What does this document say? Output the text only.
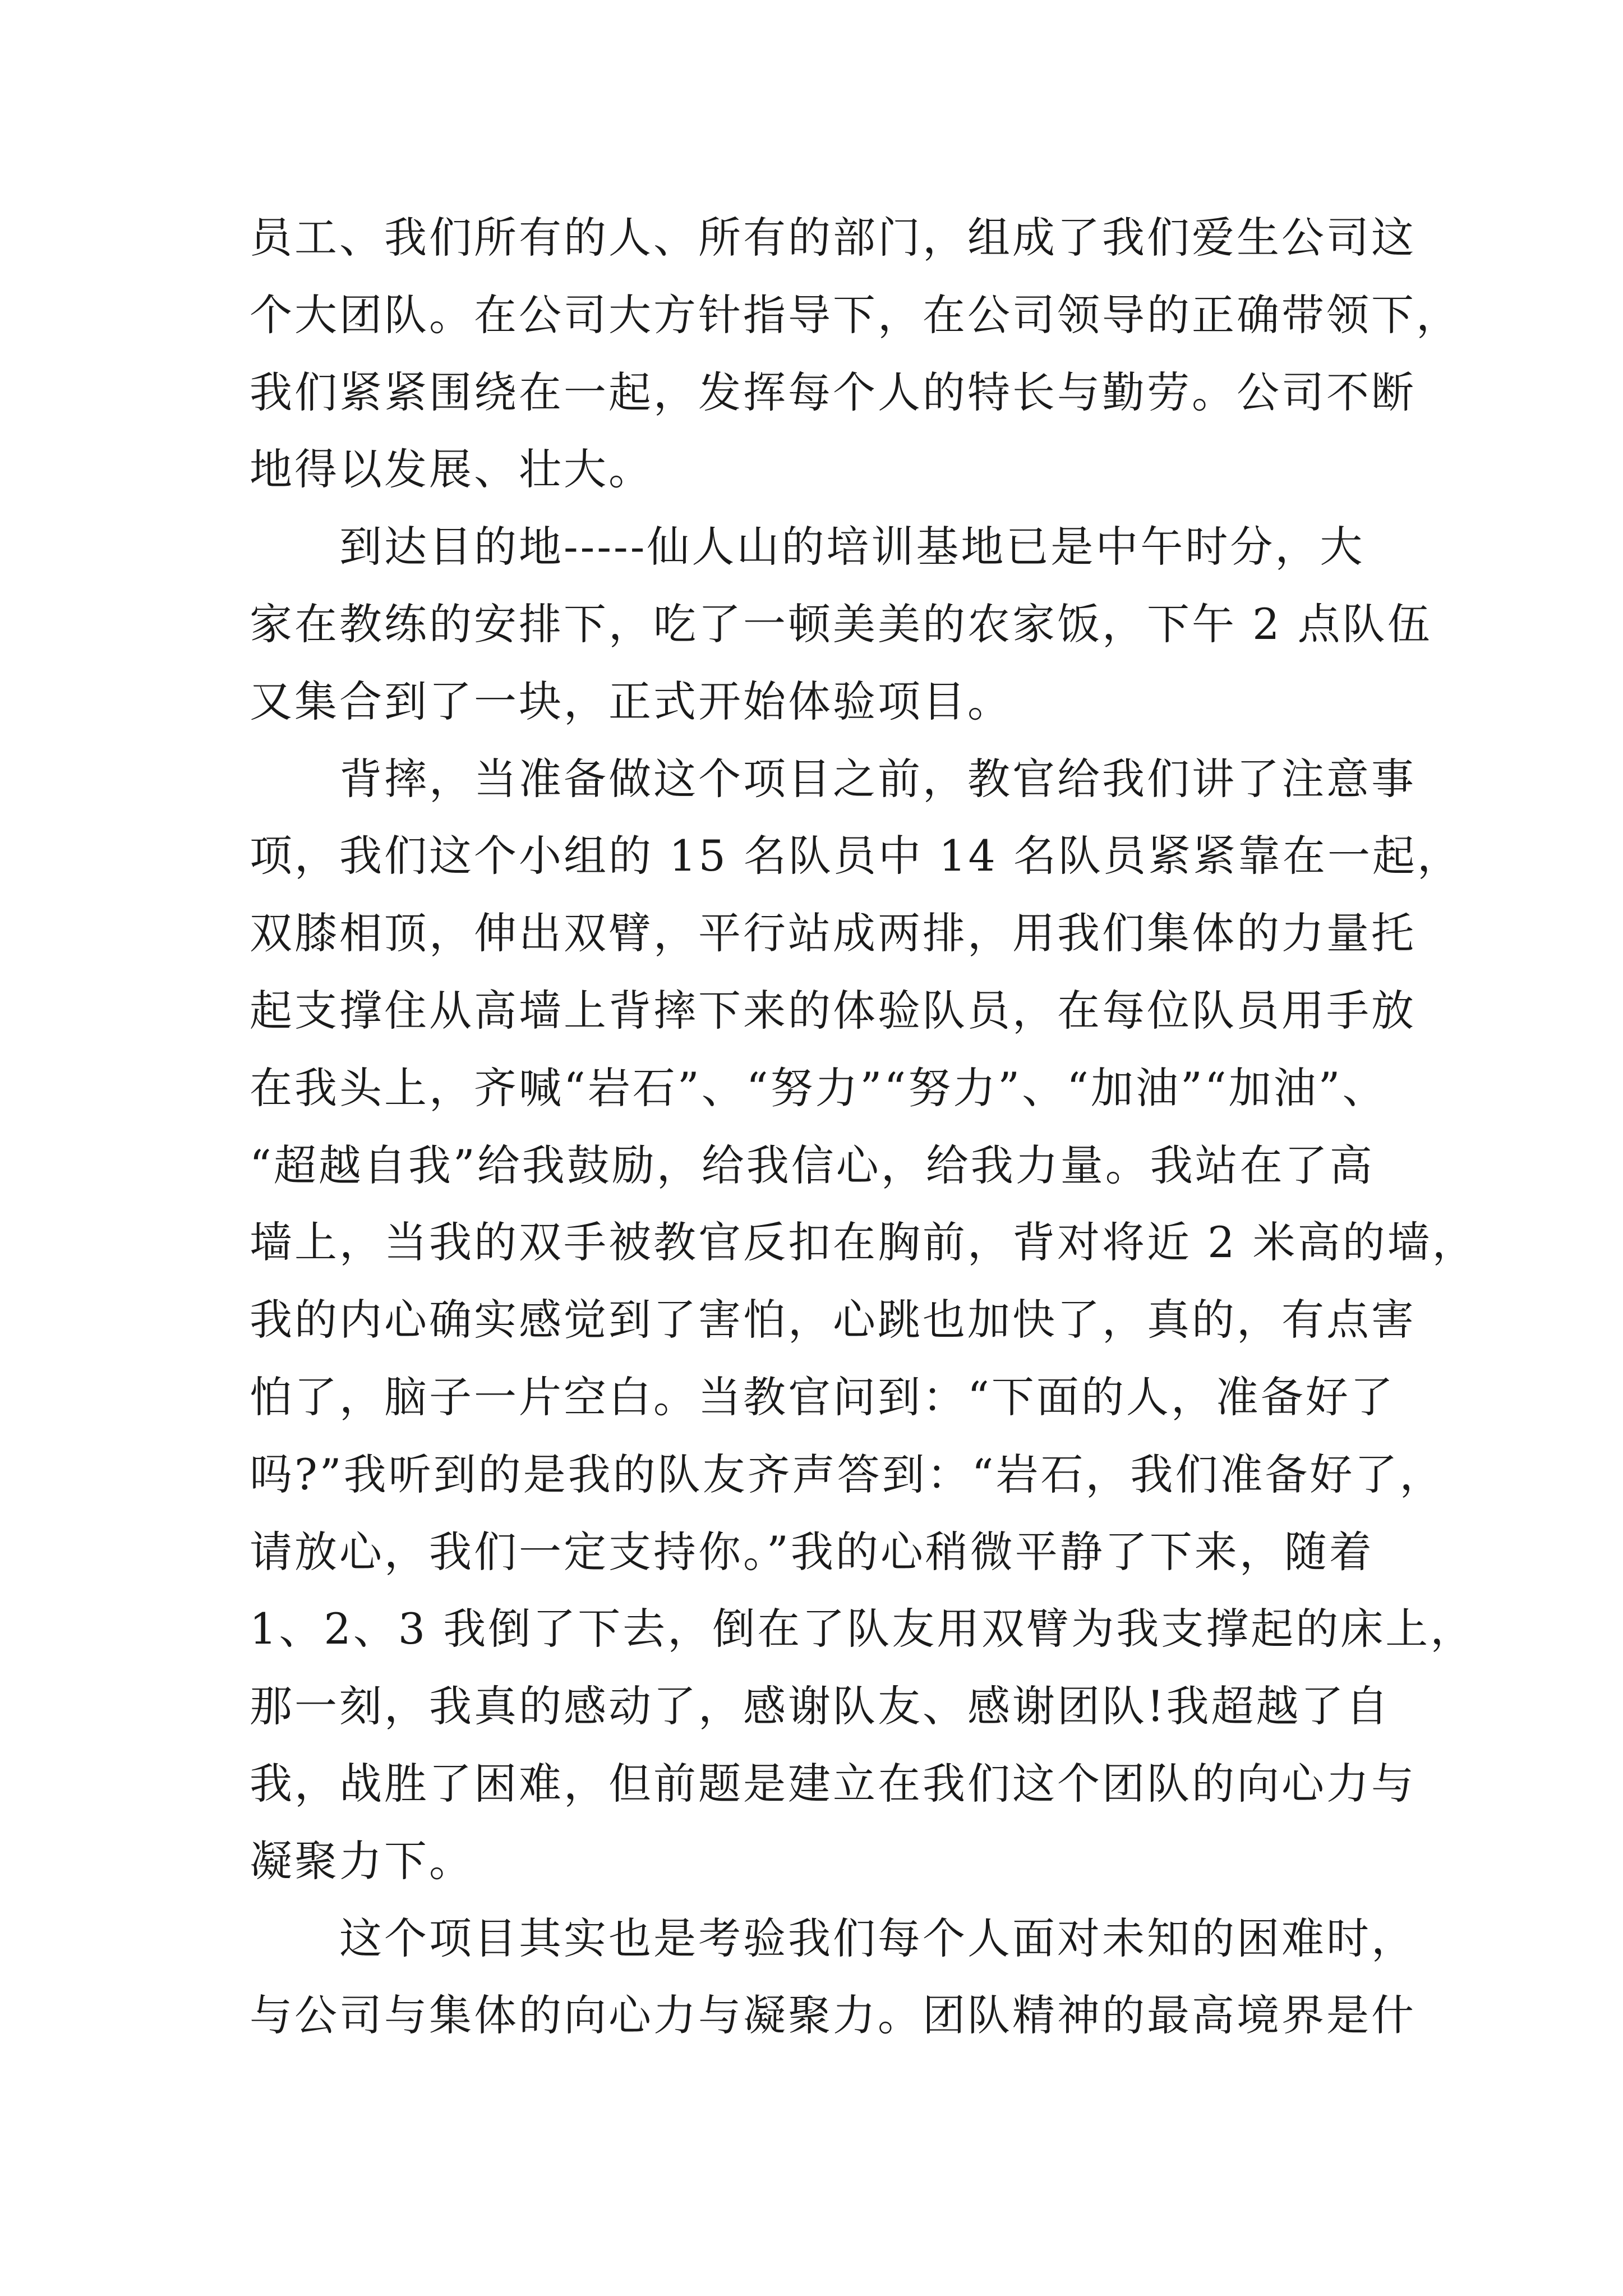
员工、我们所有的人、所有的部门，组成了我们爱生公司这
个大团队。在公司大方针指导下，在公司领导的正确带领下，
我们紧紧围绕在一起，发挥每个人的特长与勤劳。公司不断
地得以发展、壮大。
　　到达目的地-----仙人山的培训基地已是中午时分，大
家在教练的安排下，吃了一顿美美的农家饭，下午 2 点队伍
又集合到了一块，正式开始体验项目。
　　背摔，当准备做这个项目之前，教官给我们讲了注意事
项，我们这个小组的 15 名队员中 14 名队员紧紧靠在一起，
双膝相顶，伸出双臂，平行站成两排，用我们集体的力量托
起支撑住从高墙上背摔下来的体验队员，在每位队员用手放
在我头上，齐喊“岩石”、“努力”“努力”、“加油”“加油”、
“超越自我”给我鼓励，给我信心，给我力量。我站在了高
墙上，当我的双手被教官反扣在胸前，背对将近 2 米高的墙，
我的内心确实感觉到了害怕，心跳也加快了，真的，有点害
怕了，脑子一片空白。当教官问到：“下面的人，准备好了
吗?”我听到的是我的队友齐声答到：“岩石，我们准备好了，
请放心，我们一定支持你。”我的心稍微平静了下来，随着
1、2、3 我倒了下去，倒在了队友用双臂为我支撑起的床上，
那一刻，我真的感动了，感谢队友、感谢团队!我超越了自
我，战胜了困难，但前题是建立在我们这个团队的向心力与
凝聚力下。
　　这个项目其实也是考验我们每个人面对未知的困难时，
与公司与集体的向心力与凝聚力。团队精神的最高境界是什
